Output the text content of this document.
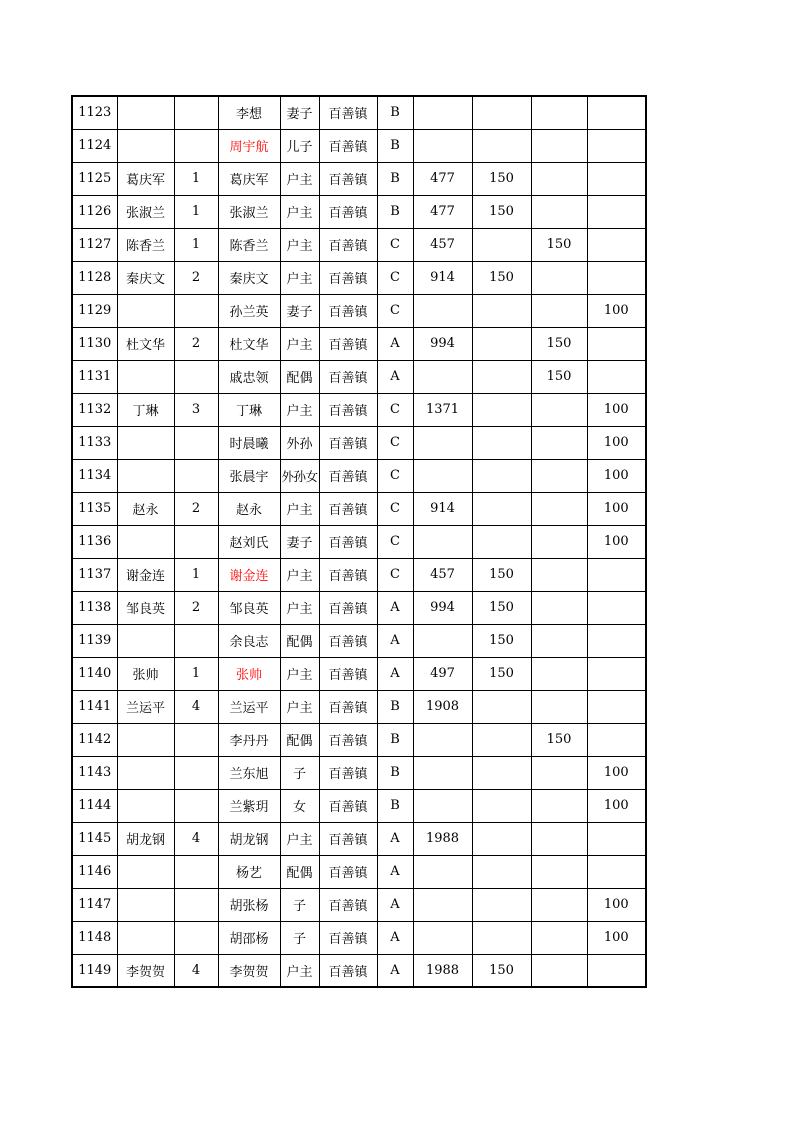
1123			李想	妻子	百善镇	B				
1124			周宇航	儿子	百善镇	B				
1125	葛庆军	1	葛庆军	户主	百善镇	B	477	150		
1126	张淑兰	1	张淑兰	户主	百善镇	B	477	150		
1127	陈香兰	1	陈香兰	户主	百善镇	C	457		150	
1128	秦庆文	2	秦庆文	户主	百善镇	C	914	150		
1129			孙兰英	妻子	百善镇	C				100
1130	杜文华	2	杜文华	户主	百善镇	A	994		150	
1131			戚忠领	配偶	百善镇	A			150	
1132	丁琳	3	丁琳	户主	百善镇	C	1371			100
1133			时晨曦	外孙	百善镇	C				100
1134			张晨宇	外孙女	百善镇	C				100
1135	赵永	2	赵永	户主	百善镇	C	914			100
1136			赵刘氏	妻子	百善镇	C				100
1137	谢金连	1	谢金连	户主	百善镇	C	457	150		
1138	邹良英	2	邹良英	户主	百善镇	A	994	150		
1139			余良志	配偶	百善镇	A		150		
1140	张帅	1	张帅	户主	百善镇	A	497	150		
1141	兰运平	4	兰运平	户主	百善镇	B	1908			
1142			李丹丹	配偶	百善镇	B			150	
1143			兰东旭	子	百善镇	B				100
1144			兰紫玥	女	百善镇	B				100
1145	胡龙钢	4	胡龙钢	户主	百善镇	A	1988			
1146			杨艺	配偶	百善镇	A				
1147			胡张杨	子	百善镇	A				100
1148			胡邵杨	子	百善镇	A				100
1149	李贺贺	4	李贺贺	户主	百善镇	A	1988	150		
